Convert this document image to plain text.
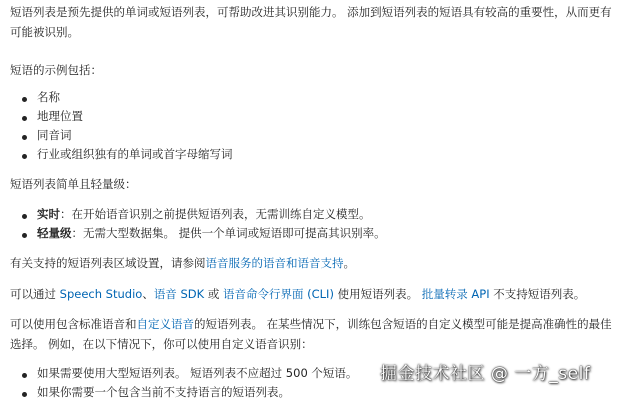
短语列表是预先提供的单词或短语列表，可帮助改进其识别能力。 添加到短语列表的短语具有较高的重要性，从而更有
可能被识别。
短语的示例包括：
名称
地理位置
同音词
行业或组织独有的单词或首字母缩写词
短语列表简单且轻量级：
实时：在开始语音识别之前提供短语列表，无需训练自定义模型。
轻量级：无需大型数据集。 提供一个单词或短语即可提高其识别率。
有关支持的短语列表区域设置，请参阅语音服务的语音和语音支持。
可以通过 Speech Studio、语音 SDK 或 语音命令行界面 (CLI) 使用短语列表。 批量转录 API 不支持短语列表。
可以使用包含标准语音和自定义语音的短语列表。 在某些情况下，训练包含短语的自定义模型可能是提高准确性的最佳
选择。 例如，在以下情况下，你可以使用自定义语音识别：
如果需要使用大型短语列表。 短语列表不应超过 500 个短语。
如果你需要一个包含当前不支持语言的短语列表。
掘金技术社区 @ 一方_self
